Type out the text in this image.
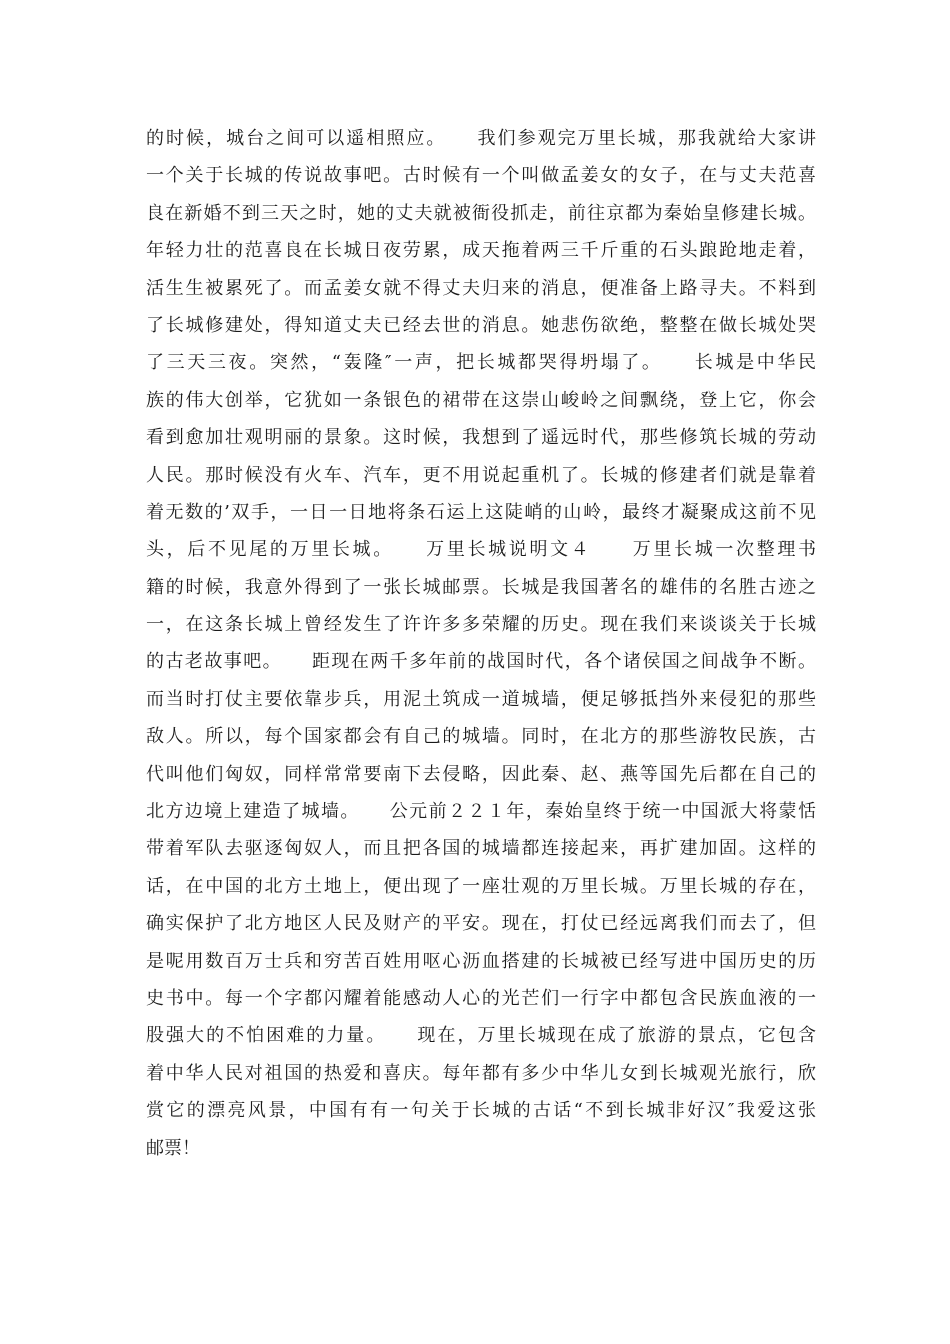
的时候，城台之间可以遥相照应。　　我们参观完万里长城，那我就给大家讲
一个关于长城的传说故事吧。古时候有一个叫做孟姜女的女子，在与丈夫范喜
良在新婚不到三天之时，她的丈夫就被衙役抓走，前往京都为秦始皇修建长城。
年轻力壮的范喜良在长城日夜劳累，成天拖着两三千斤重的石头踉跄地走着，
活生生被累死了。而孟姜女就不得丈夫归来的消息，便准备上路寻夫。不料到
了长城修建处，得知道丈夫已经去世的消息。她悲伤欲绝，整整在做长城处哭
了三天三夜。突然，“轰隆″一声，把长城都哭得坍塌了。　　长城是中华民
族的伟大创举，它犹如一条银色的裙带在这崇山峻岭之间飘绕，登上它，你会
看到愈加壮观明丽的景象。这时候，我想到了遥远时代，那些修筑长城的劳动
人民。那时候没有火车、汽车，更不用说起重机了。长城的修建者们就是靠着
着无数的’双手，一日一日地将条石运上这陡峭的山岭，最终才凝聚成这前不见
头，后不见尾的万里长城。　　万里长城说明文４　　万里长城一次整理书
籍的时候，我意外得到了一张长城邮票。长城是我国著名的雄伟的名胜古迹之
一，在这条长城上曾经发生了许许多多荣耀的历史。现在我们来谈谈关于长城
的古老故事吧。　　距现在两千多年前的战国时代，各个诸侯国之间战争不断。
而当时打仗主要依靠步兵，用泥土筑成一道城墙，便足够抵挡外来侵犯的那些
敌人。所以，每个国家都会有自己的城墙。同时，在北方的那些游牧民族，古
代叫他们匈奴，同样常常要南下去侵略，因此秦、赵、燕等国先后都在自己的
北方边境上建造了城墙。　　公元前２２１年，秦始皇终于统一中国派大将蒙恬
带着军队去驱逐匈奴人，而且把各国的城墙都连接起来，再扩建加固。这样的
话，在中国的北方土地上，便出现了一座壮观的万里长城。万里长城的存在，
确实保护了北方地区人民及财产的平安。现在，打仗已经远离我们而去了，但
是呢用数百万士兵和穷苦百姓用呕心沥血搭建的长城被已经写进中国历史的历
史书中。每一个字都闪耀着能感动人心的光芒们一行字中都包含民族血液的一
股强大的不怕困难的力量。　　现在，万里长城现在成了旅游的景点，它包含
着中华人民对祖国的热爱和喜庆。每年都有多少中华儿女到长城观光旅行，欣
赏它的漂亮风景，中国有有一句关于长城的古话“不到长城非好汉″我爱这张
邮票！
